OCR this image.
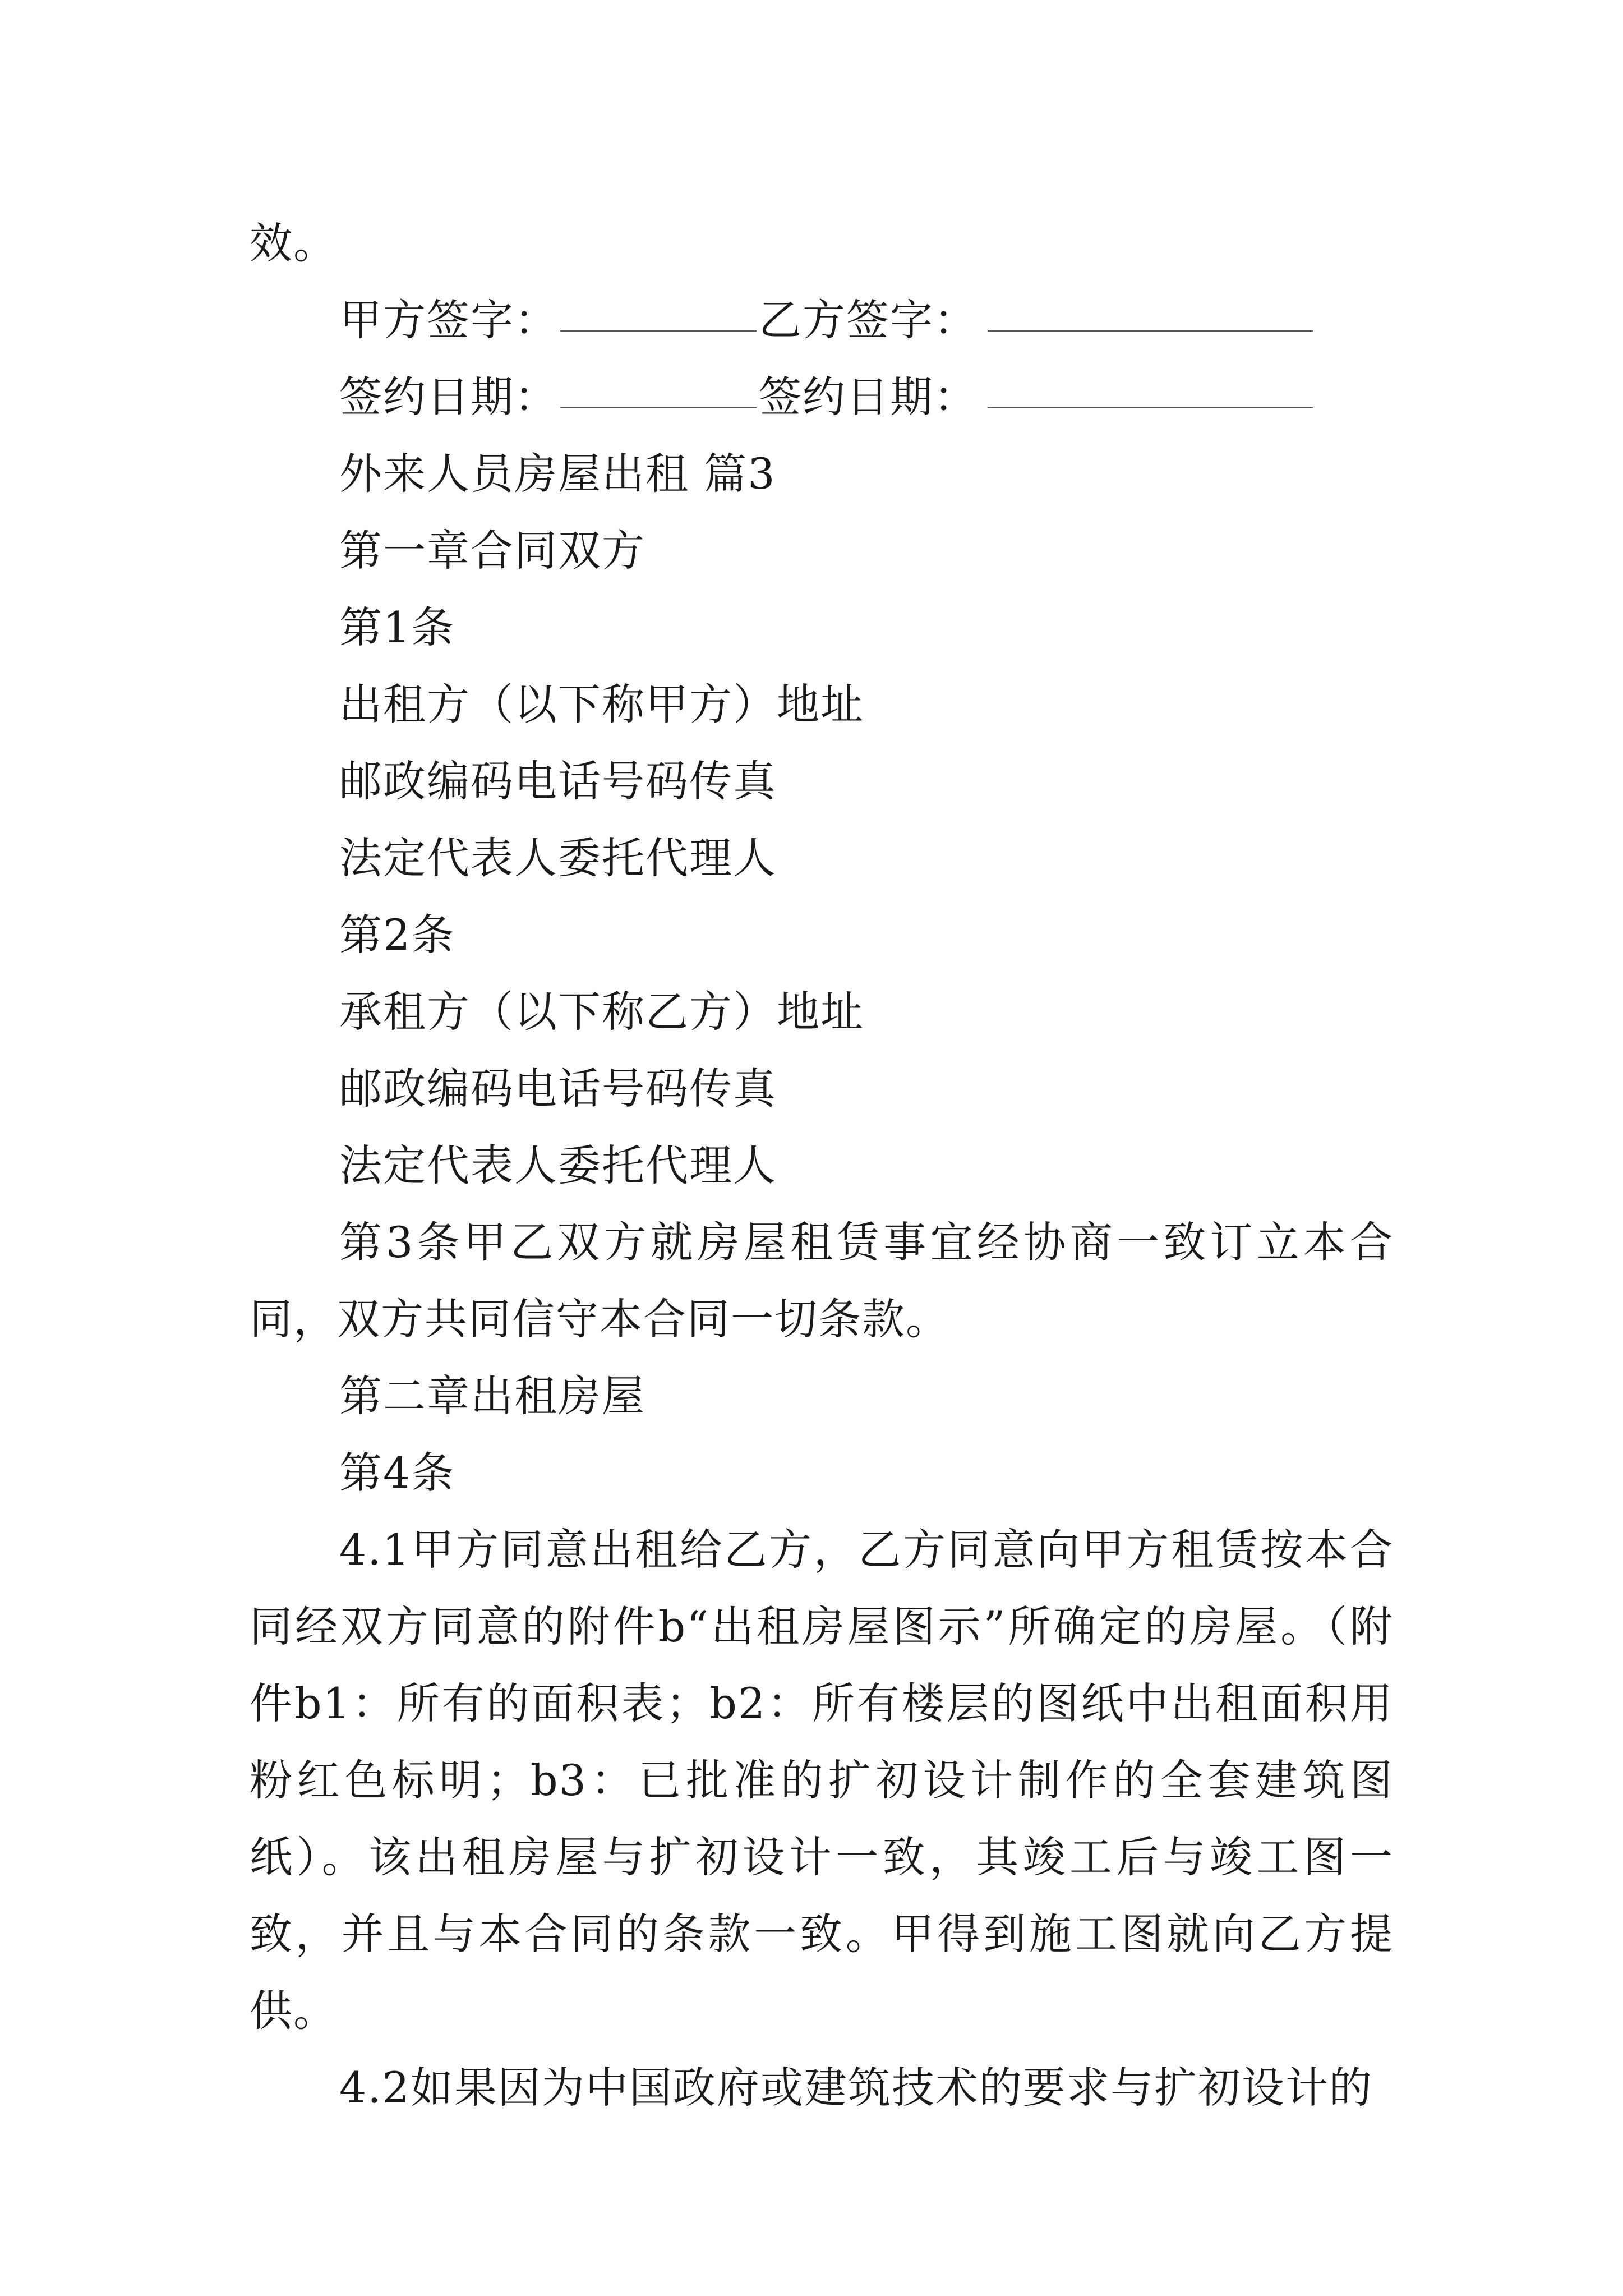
效。
甲方签字：	乙方签字：
签约日期：	签约日期：
外来人员房屋出租 篇3
第一章合同双方
第1条
出租方（以下称甲方）地址
邮政编码电话号码传真
法定代表人委托代理人
第2条
承租方（以下称乙方）地址
邮政编码电话号码传真
法定代表人委托代理人
第3条甲乙双方就房屋租赁事宜经协商一致订立本合同，双方共同信守本合同一切条款。
第二章出租房屋
第4条
4.1甲方同意出租给乙方，乙方同意向甲方租赁按本合同经双方同意的附件b“出租房屋图示”所确定的房屋。（附件b1：所有的面积表；b2：所有楼层的图纸中出租面积用粉红色标明；b3：已批准的扩初设计制作的全套建筑图纸）。该出租房屋与扩初设计一致，其竣工后与竣工图一致，并且与本合同的条款一致。甲得到施工图就向乙方提供。
4.2如果因为中国政府或建筑技术的要求与扩初设计的
